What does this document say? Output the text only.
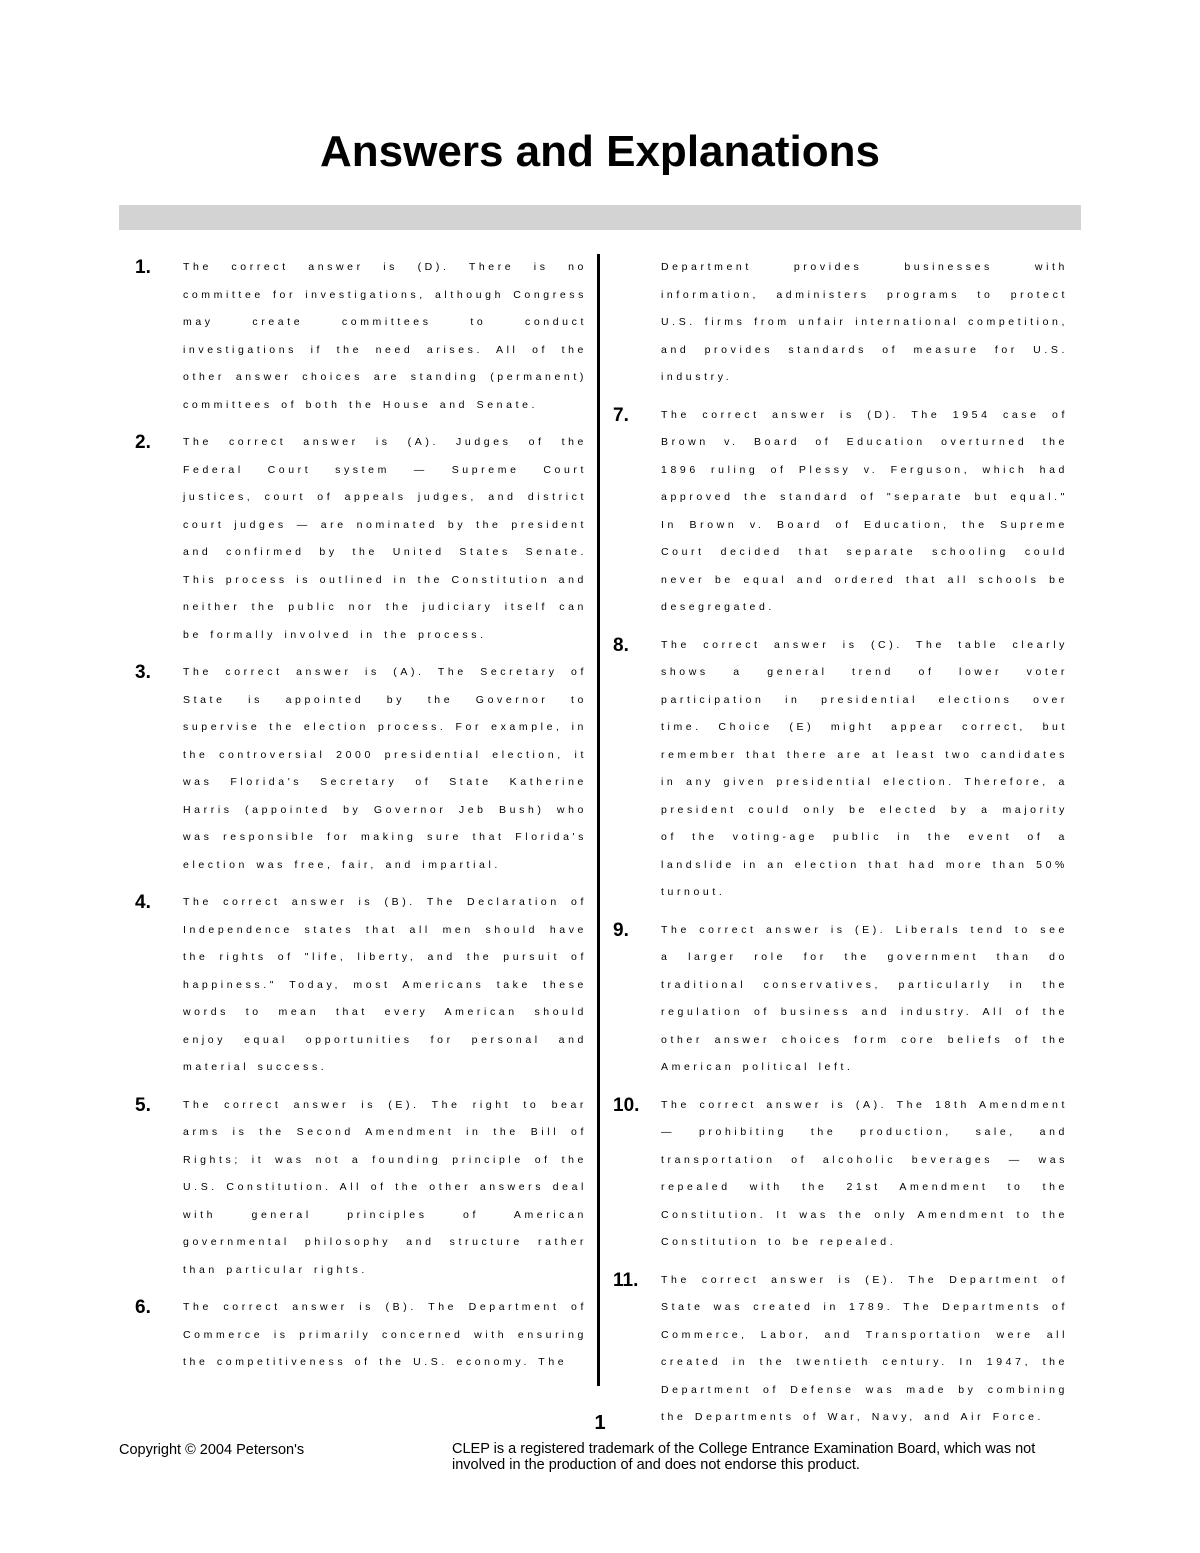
Answers and Explanations
1.	The correct answer is (D). There is no committee for investigations, although Congress may create committees to conduct investigations if the need arises. All of the other answer choices are standing (permanent) committees of both the House and Senate.

2.	The correct answer is (A). Judges of the Federal Court system — Supreme Court justices, court of appeals judges, and district court judges — are nominated by the president and confirmed by the United States Senate. This process is outlined in the Constitution and neither the public nor the judiciary itself can be formally involved in the process.

3.	The correct answer is (A). The Secretary of State is appointed by the Governor to supervise the election process. For example, in the controversial 2000 presidential election, it was Florida's Secretary of State Katherine Harris (appointed by Governor Jeb Bush) who was responsible for making sure that Florida's election was free, fair, and impartial.

4.	The correct answer is (B). The Declaration of Independence states that all men should have the rights of "life, liberty, and the pursuit of happiness." Today, most Americans take these words to mean that every American should enjoy equal opportunities for personal and material success.

5.	The correct answer is (E). The right to bear arms is the Second Amendment in the Bill of Rights; it was not a founding principle of the U.S. Constitution. All of the other answers deal with general principles of American governmental philosophy and structure rather than particular rights.

6.	The correct answer is (B). The Department of Commerce is primarily concerned with ensuring the competitiveness of the U.S. economy. The

Department provides businesses with information, administers programs to protect U.S. firms from unfair international competition, and provides standards of measure for U.S. industry.

7.	The correct answer is (D). The 1954 case of Brown v. Board of Education overturned the 1896 ruling of Plessy v. Ferguson, which had approved the standard of "separate but equal." In Brown v. Board of Education, the Supreme Court decided that separate schooling could never be equal and ordered that all schools be desegregated.

8.	The correct answer is (C). The table clearly shows a general trend of lower voter participation in presidential elections over time. Choice (E) might appear correct, but remember that there are at least two candidates in any given presidential election. Therefore, a president could only be elected by a majority of the voting-age public in the event of a landslide in an election that had more than 50% turnout.

9.	The correct answer is (E). Liberals tend to see a larger role for the government than do traditional conservatives, particularly in the regulation of business and industry. All of the other answer choices form core beliefs of the American political left.

10. The correct answer is (A). The 18th Amendment — prohibiting the production, sale, and transportation of alcoholic beverages — was repealed with the 21st Amendment to the Constitution. It was the only Amendment to the Constitution to be repealed.

11. The correct answer is (E). The Department of State was created in 1789. The Departments of Commerce, Labor, and Transportation were all created in the twentieth century. In 1947, the Department of Defense was made by combining the Departments of War, Navy, and Air Force.

1
Copyright © 2004 Peterson's	CLEP is a registered trademark of the College Entrance Examination Board, which was not involved in the production of and does not endorse this product.
